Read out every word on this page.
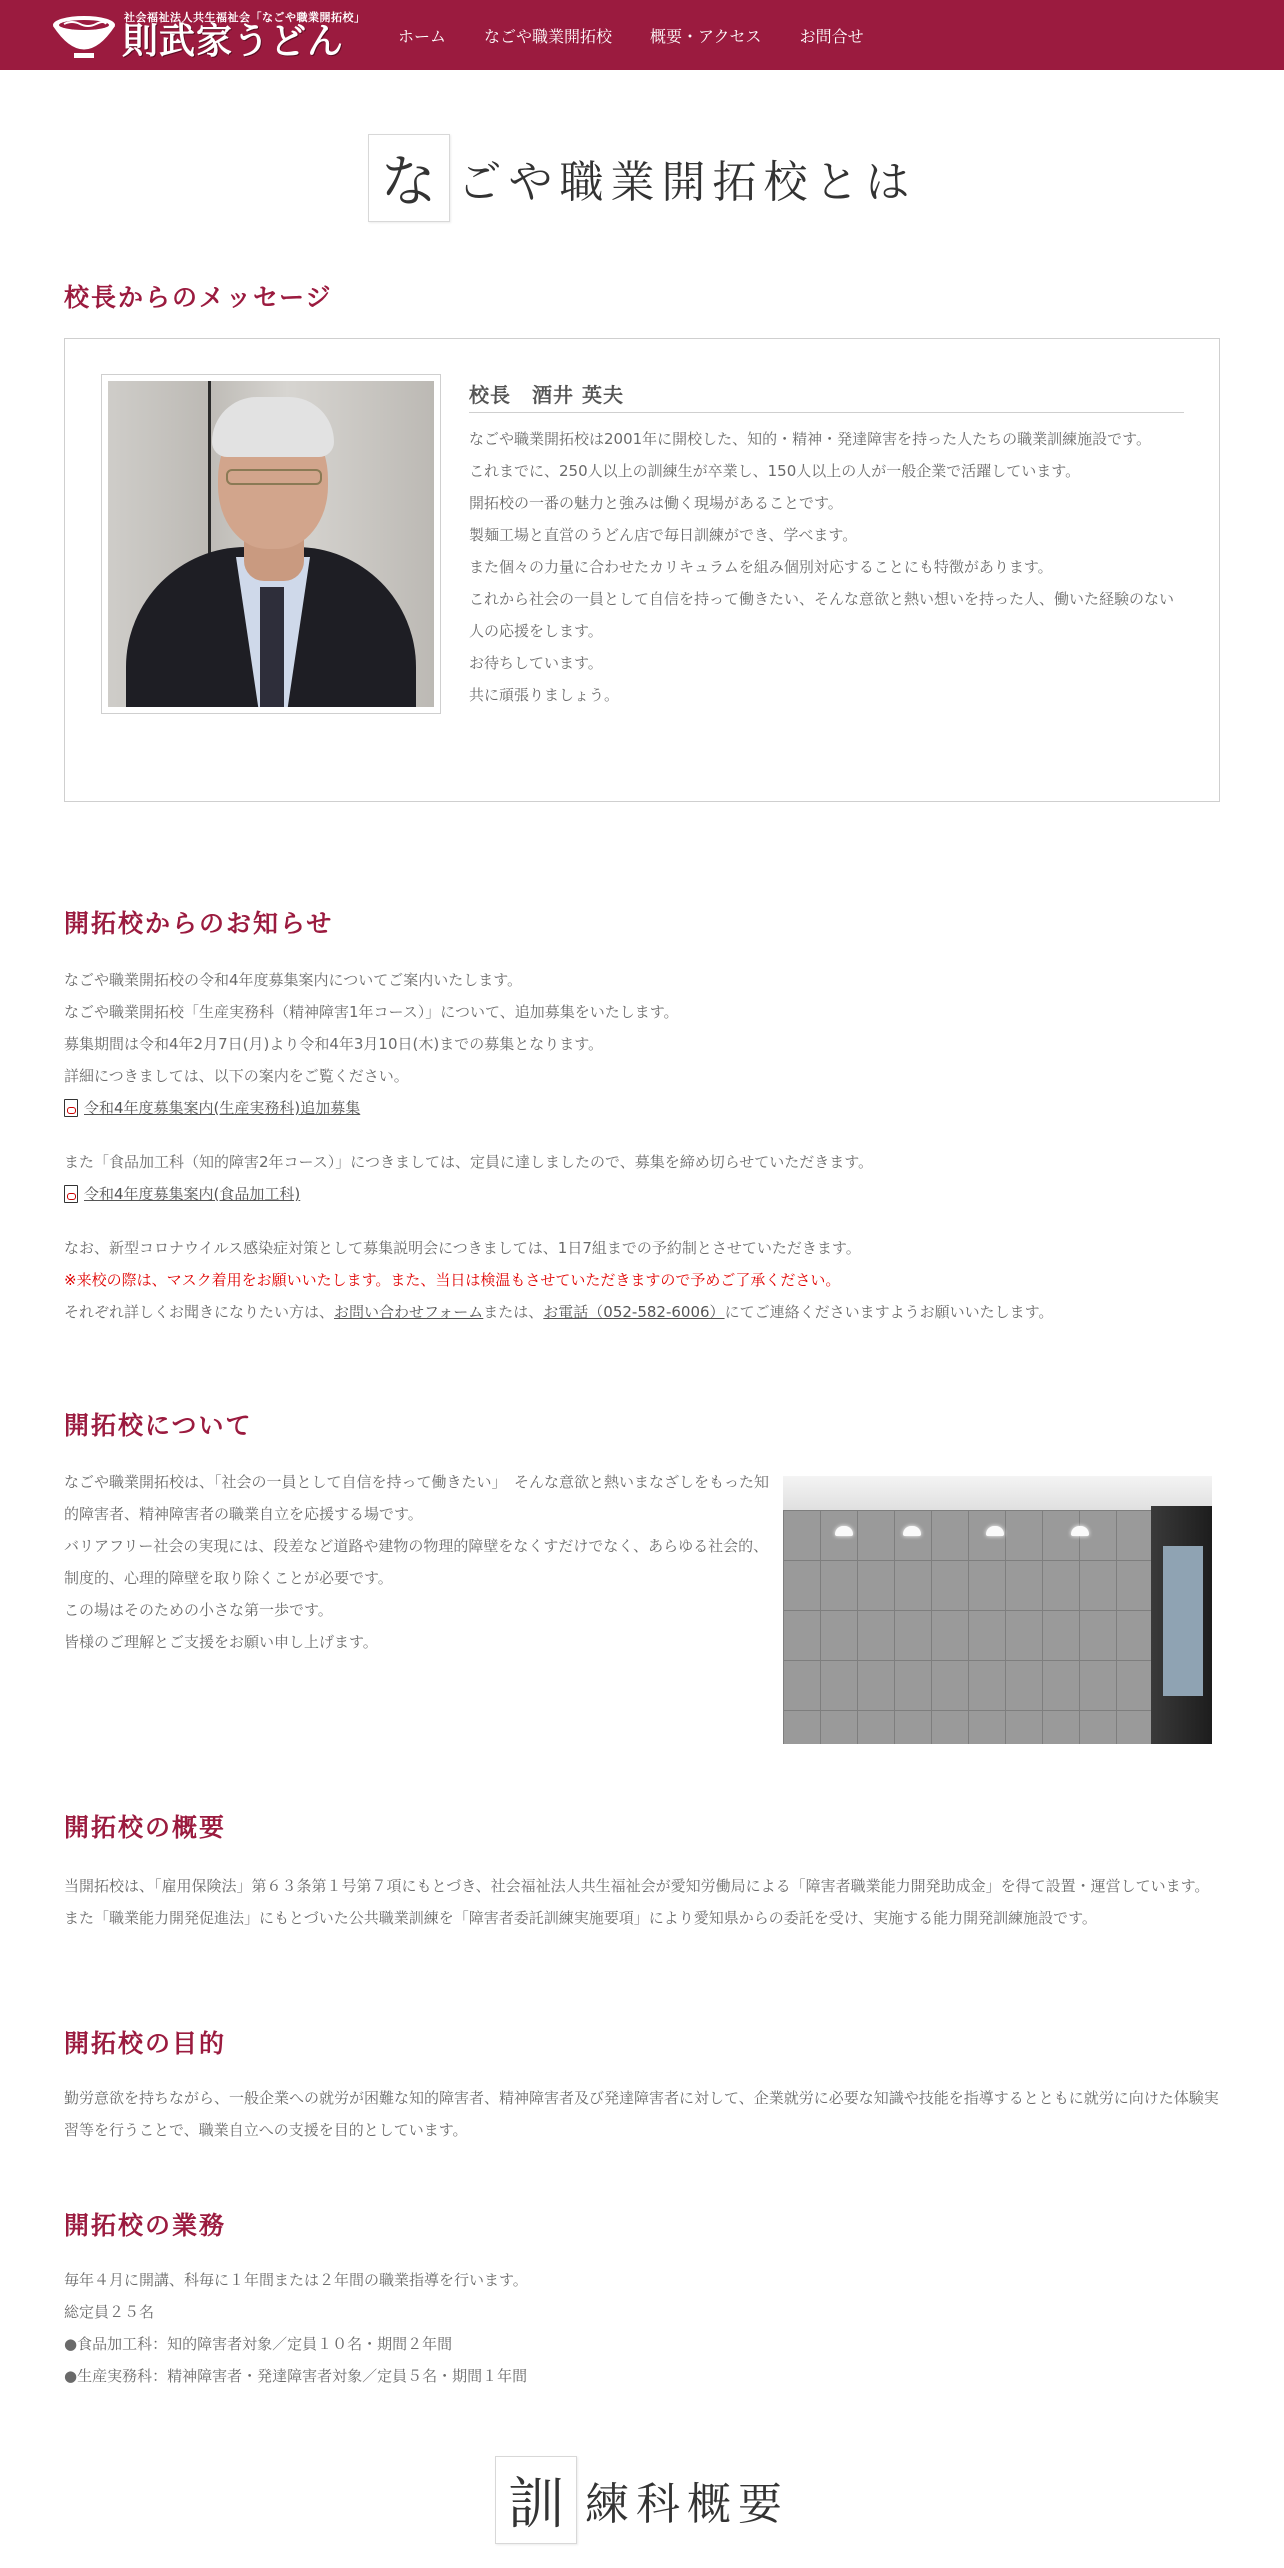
社会福祉法人共生福祉会「なごや職業開拓校」
則武家うどん	ホーム なごや職業開拓校 概要・アクセス お問合せ
な ごや職業開拓校とは
校長からのメッセージ
校長　酒井 英夫

なごや職業開拓校は2001年に開校した、知的・精神・発達障害を持った人たちの職業訓練施設です。

これまでに、250人以上の訓練生が卒業し、150人以上の人が一般企業で活躍しています。

開拓校の一番の魅力と強みは働く現場があることです。

製麺工場と直営のうどん店で毎日訓練ができ、学べます。

また個々の力量に合わせたカリキュラムを組み個別対応することにも特徴があります。

これから社会の一員として自信を持って働きたい、そんな意欲と熱い想いを持った人、働いた経験のない人の応援をします。

お待ちしています。

共に頑張りましょう。

開拓校からのお知らせ

なごや職業開拓校の令和4年度募集案内についてご案内いたします。

なごや職業開拓校「生産実務科（精神障害1年コース）」について、追加募集をいたします。

募集期間は令和4年2月7日(月)より令和4年3月10日(木)までの募集となります。

詳細につきましては、以下の案内をご覧ください。

令和4年度募集案内(生産実務科)追加募集

また「食品加工科（知的障害2年コース）」につきましては、定員に達しましたので、募集を締め切らせていただきます。

令和4年度募集案内(食品加工科)

なお、新型コロナウイルス感染症対策として募集説明会につきましては、1日7組までの予約制とさせていただきます。

※来校の際は、マスク着用をお願いいたします。また、当日は検温もさせていただきますので予めご了承ください。

それぞれ詳しくお聞きになりたい方は、お問い合わせフォームまたは、お電話（052-582-6006）にてご連絡くださいますようお願いいたします。

開拓校について

なごや職業開拓校は、「社会の一員として自信を持って働きたい」　そんな意欲と熱いまなざしをもった知的障害者、精神障害者の職業自立を応援する場です。

バリアフリー社会の実現には、段差など道路や建物の物理的障壁をなくすだけでなく、あらゆる社会的、制度的、心理的障壁を取り除くことが必要です。

この場はそのための小さな第一歩です。

皆様のご理解とご支援をお願い申し上げます。

開拓校の概要

当開拓校は、「雇用保険法」第６３条第１号第７項にもとづき、社会福祉法人共生福祉会が愛知労働局による「障害者職業能力開発助成金」を得て設置・運営しています。

また「職業能力開発促進法」にもとづいた公共職業訓練を「障害者委託訓練実施要項」により愛知県からの委託を受け、実施する能力開発訓練施設です。

開拓校の目的

勤労意欲を持ちながら、一般企業への就労が困難な知的障害者、精神障害者及び発達障害者に対して、企業就労に必要な知識や技能を指導するとともに就労に向けた体験実習等を行うことで、職業自立への支援を目的としています。

開拓校の業務

毎年４月に開講、科毎に１年間または２年間の職業指導を行います。

総定員２５名

●食品加工科：知的障害者対象／定員１０名・期間２年間

●生産実務科：精神障害者・発達障害者対象／定員５名・期間１年間

訓 練科概要
